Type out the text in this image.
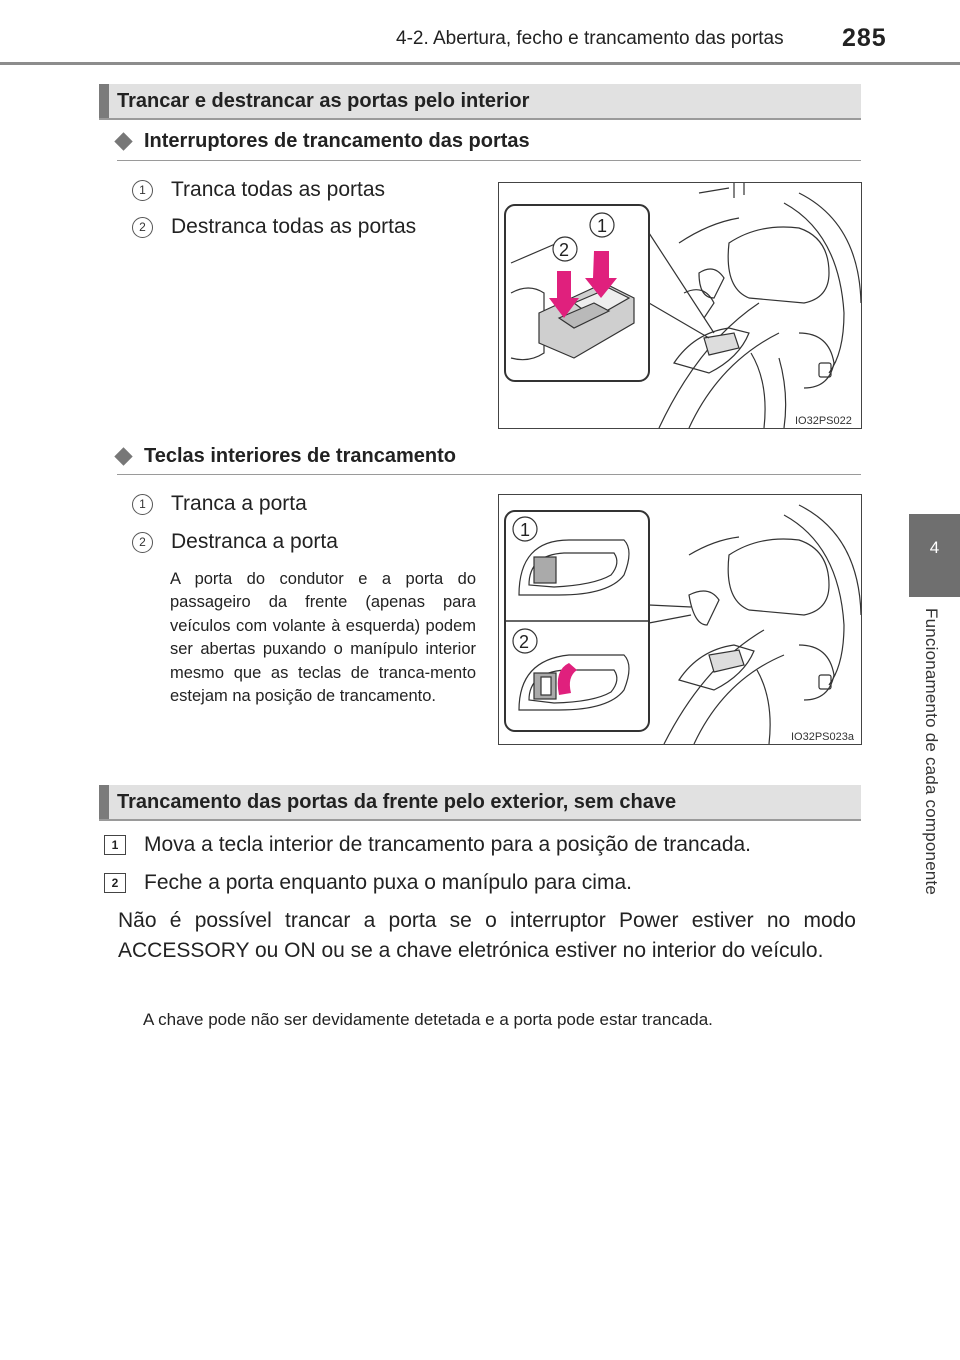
4-2. Abertura, fecho e trancamento das portas 285
4
Funcionamento de cada componente
Trancar e destrancar as portas pelo interior
Interruptores de trancamento das portas
1	Tranca todas as portas
2	Destranca todas as portas	1
2
IO32PS022
Teclas interiores de trancamento
1	Tranca a porta
2	Destranca a porta
A porta do condutor e a porta do passageiro da frente (apenas para veículos com volante à esquerda) podem ser abertas puxando o manípulo interior mesmo que as teclas de tranca-mento estejam na posição de trancamento.
1
2
IO32PS023a
Trancamento das portas da frente pelo exterior, sem chave
1	Mova a tecla interior de trancamento para a posição de trancada.
2	Feche a porta enquanto puxa o manípulo para cima.
Não é possível trancar a porta se o interruptor Power estiver no modo ACCESSORY ou ON ou se a chave eletrónica estiver no interior do veículo.
A chave pode não ser devidamente detetada e a porta pode estar trancada.
